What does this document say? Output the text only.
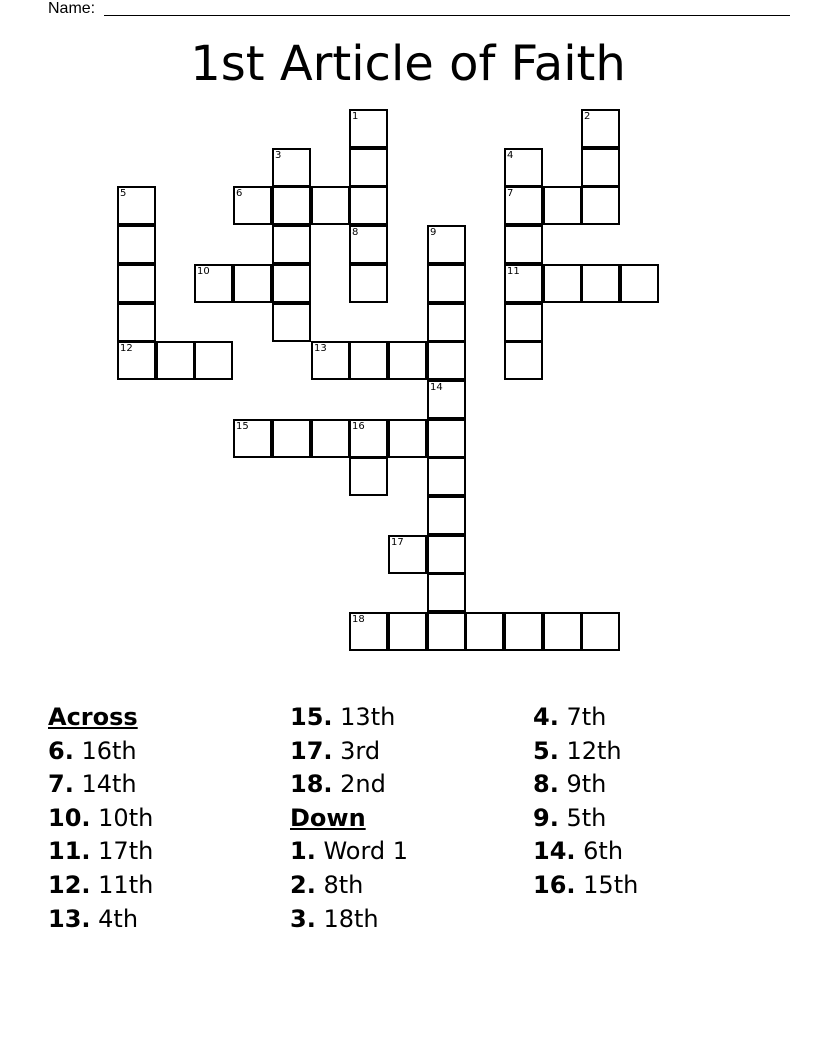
Name:
1st Article of Faith
1	2
3	4
5	6	7
8	9
10	11
12	13
14
15	16
17
18
Across
6. 16th
7. 14th
10. 10th
11. 17th
12. 11th
13. 4th
15. 13th
17. 3rd
18. 2nd
Down
1. Word 1
2. 8th
3. 18th
4. 7th
5. 12th
8. 9th
9. 5th
14. 6th
16. 15th
